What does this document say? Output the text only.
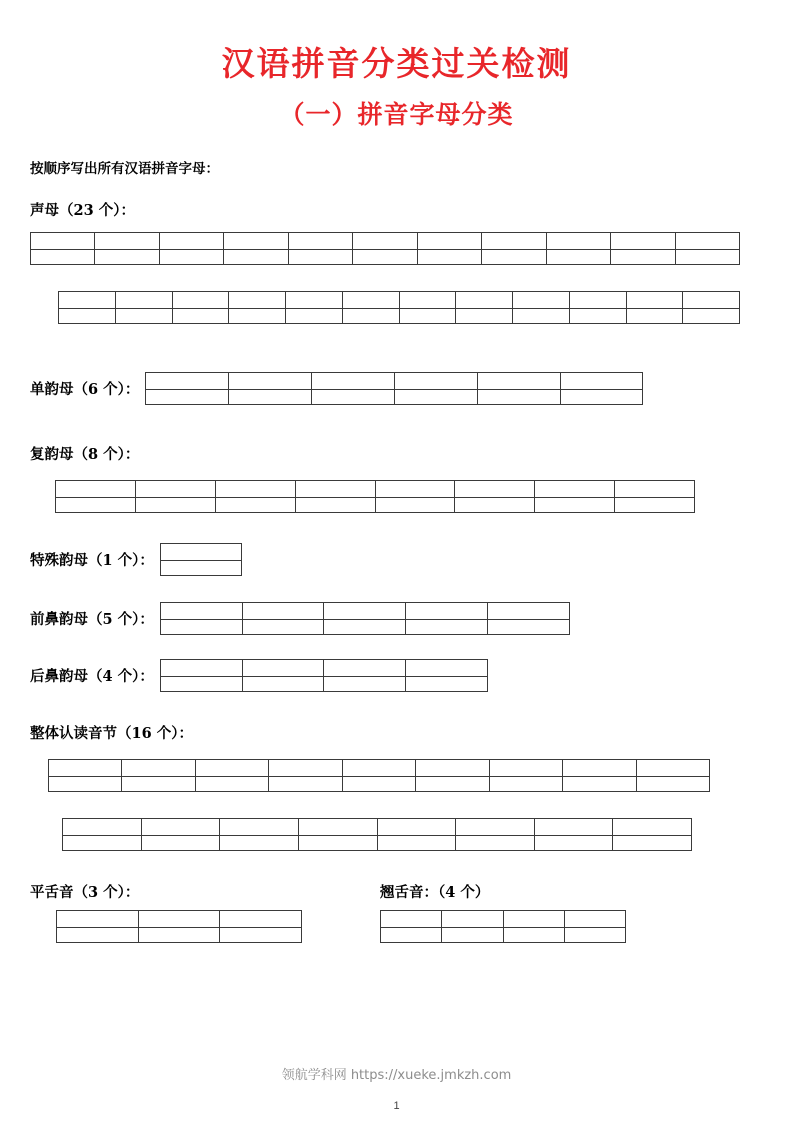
汉语拼音分类过关检测
（一）拼音字母分类
按顺序写出所有汉语拼音字母：
声母（23 个）：

单韵母（6 个）：

复韵母（8 个）：

特殊韵母（1 个）：

前鼻韵母（5 个）：

后鼻韵母（4 个）：

整体认读音节（16 个）：

平舌音（3 个）：

			翘舌音：（4 个）

领航学科网 https://xueke.jmkzh.com
1
